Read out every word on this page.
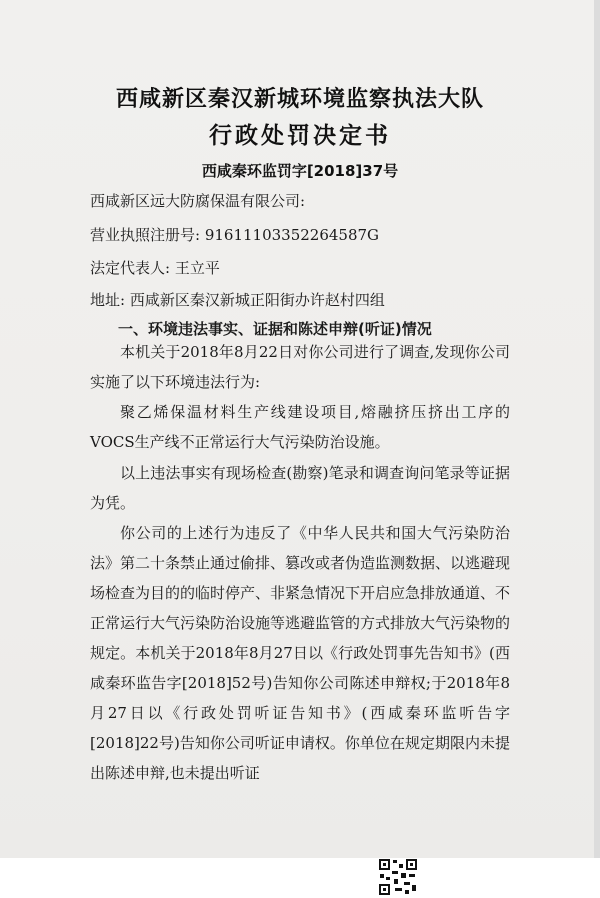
西咸新区秦汉新城环境监察执法大队
行政处罚决定书
西咸秦环监罚字[2018]37号
西咸新区远大防腐保温有限公司:
营业执照注册号: 91611103352264587G
法定代表人: 王立平
地址: 西咸新区秦汉新城正阳街办许赵村四组
一、环境违法事实、证据和陈述申辩(听证)情况
本机关于2018年8月22日对你公司进行了调查,发现你公司实施了以下环境违法行为:
聚乙烯保温材料生产线建设项目,熔融挤压挤出工序的VOCS生产线不正常运行大气污染防治设施。
以上违法事实有现场检查(勘察)笔录和调查询问笔录等证据为凭。
你公司的上述行为违反了《中华人民共和国大气污染防治法》第二十条禁止通过偷排、篡改或者伪造监测数据、以逃避现场检查为目的的临时停产、非紧急情况下开启应急排放通道、不正常运行大气污染防治设施等逃避监管的方式排放大气污染物的规定。本机关于2018年8月27日以《行政处罚事先告知书》(西咸秦环监告字[2018]52号)告知你公司陈述申辩权;于2018年8月27日以《行政处罚听证告知书》(西咸秦环监听告字[2018]22号)告知你公司听证申请权。你单位在规定期限内未提出陈述申辩,也未提出听证
